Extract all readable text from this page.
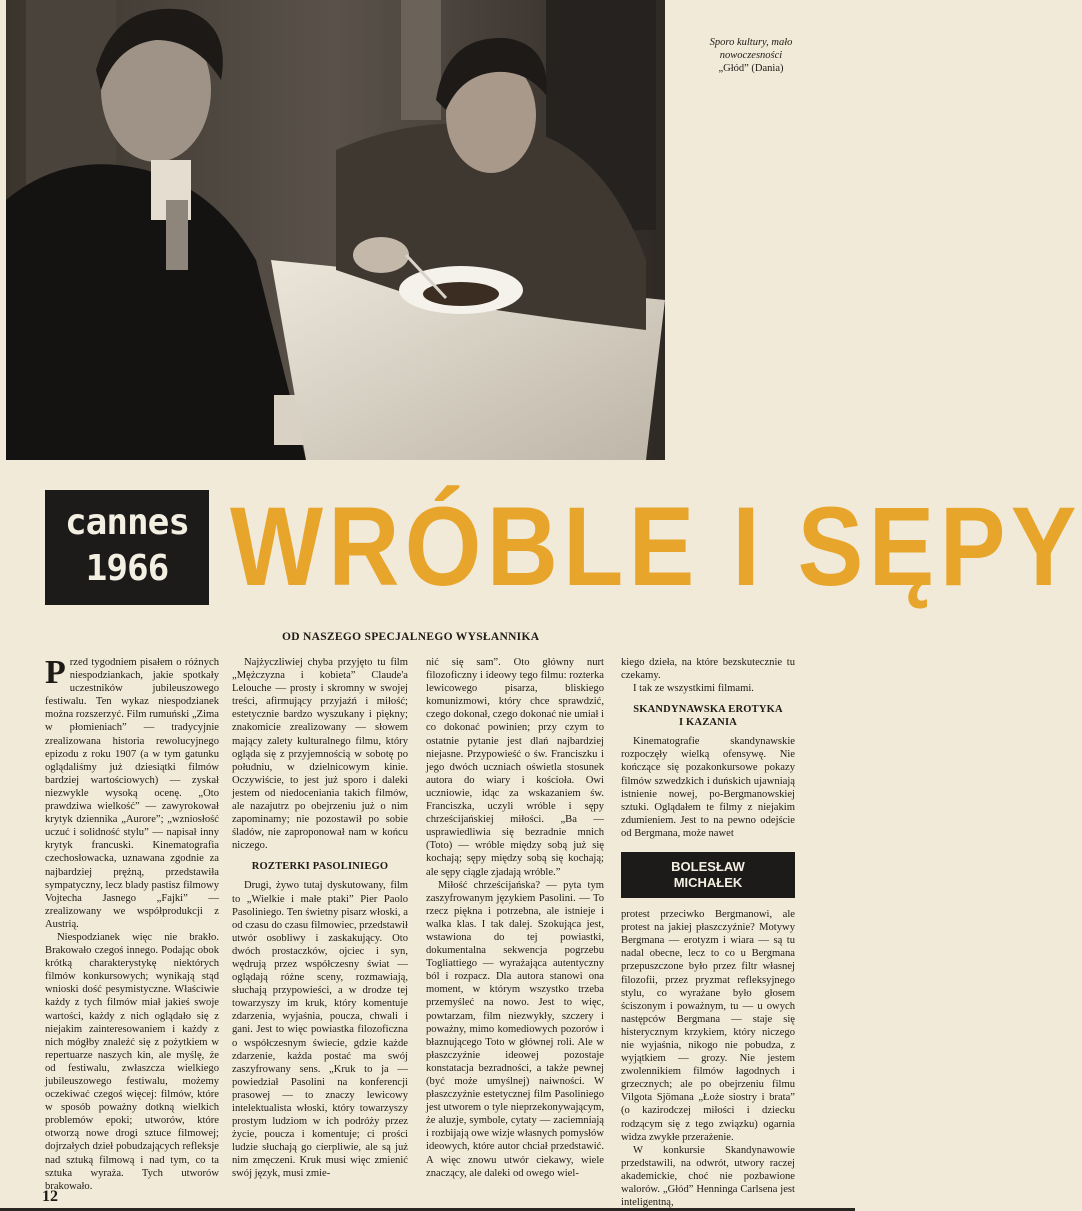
Sporo kultury, mało
nowoczesności
„Głód” (Dania)
cannes
1966 WRÓBLE I SĘPY
OD NASZEGO SPECJALNEGO WYSŁANNIKA

Przed tygodniem pisałem o różnych niespodziankach, jakie spotkały uczestników jubileuszowego festiwalu. Ten wykaz niespodzianek można rozszerzyć. Film rumuński „Zima w płomieniach” — tradycyjnie zrealizowana historia rewolucyjnego epizodu z roku 1907 (a w tym gatunku oglądaliśmy już dziesiątki filmów bardziej wartościowych) — zyskał niezwykle wysoką ocenę. „Oto prawdziwa wielkość” — zawyrokował krytyk dziennika „Aurore”; „wzniosłość uczuć i solidność stylu” — napisał inny krytyk francuski. Kinematografia czechosłowacka, uznawana zgodnie za najbardziej prężną, przedstawiła sympatyczny, lecz blady pastisz filmowy Vojtecha Jasnego „Fajki” — zrealizowany we współprodukcji z Austrią.

Niespodzianek więc nie brakło. Brakowało czegoś innego. Podając obok krótką charakterystykę niektórych filmów konkursowych; wynikają stąd wnioski dość pesymistyczne. Właściwie każdy z tych filmów miał jakieś swoje wartości, każdy z nich oglądało się z niejakim zainteresowaniem i każdy z nich mógłby znaleźć się z pożytkiem w repertuarze naszych kin, ale myślę, że od festiwalu, zwłaszcza wielkiego jubileuszowego festiwalu, możemy oczekiwać czegoś więcej: filmów, które w sposób poważny dotkną wielkich problemów epoki; utworów, które otworzą nowe drogi sztuce filmowej; dojrzałych dzieł pobudzających refleksje nad sztuką filmową i nad tym, co ta sztuka wyraża. Tych utworów brakowało.

Najżyczliwiej chyba przyjęto tu film „Mężczyzna i kobieta” Claude'a Lelouche — prosty i skromny w swojej treści, afirmujący przyjaźń i miłość; estetycznie bardzo wyszukany i piękny; znakomicie zrealizowany — słowem mający zalety kulturalnego filmu, który ogląda się z przyjemnością w sobotę po południu, w dzielnicowym kinie. Oczywiście, to jest już sporo i daleki jestem od niedoceniania takich filmów, ale nazajutrz po obejrzeniu już o nim zapominamy; nie pozostawił po sobie śladów, nie zaproponował nam w końcu niczego.

ROZTERKI PASOLINIEGO

Drugi, żywo tutaj dyskutowany, film to „Wielkie i małe ptaki” Pier Paolo Pasoliniego. Ten świetny pisarz włoski, a od czasu do czasu filmowiec, przedstawił utwór osobliwy i zaskakujący. Oto dwóch prostaczków, ojciec i syn, wędrują przez współczesny świat — oglądają różne sceny, rozmawiają, słuchają przypowieści, a w drodze tej towarzyszy im kruk, który komentuje zdarzenia, wyjaśnia, poucza, chwali i gani. Jest to więc powiastka filozoficzna o współczesnym świecie, gdzie każde zdarzenie, każda postać ma swój zaszyfrowany sens. „Kruk to ja — powiedział Pasolini na konferencji prasowej — to znaczy lewicowy intelektualista włoski, który towarzyszy prostym ludziom w ich podróży przez życie, poucza i komentuje; ci prości ludzie słuchają go cierpliwie, ale są już nim zmęczeni. Kruk musi więc zmienić swój język, musi zmie-

nić się sam”. Oto główny nurt filozoficzny i ideowy tego filmu: rozterka lewicowego pisarza, bliskiego komunizmowi, który chce sprawdzić, czego dokonał, czego dokonać nie umiał i co dokonać powinien; przy czym to ostatnie pytanie jest dlań najbardziej niejasne. Przypowieść o św. Franciszku i jego dwóch uczniach oświetla stosunek autora do wiary i kościoła. Owi uczniowie, idąc za wskazaniem św. Franciszka, uczyli wróble i sępy chrześcijańskiej miłości. „Ba — usprawiedliwia się bezradnie mnich (Toto) — wróble między sobą już się kochają; sępy między sobą się kochają; ale sępy ciągle zjadają wróble.”

Miłość chrześcijańska? — pyta tym zaszyfrowanym językiem Pasolini. — To rzecz piękna i potrzebna, ale istnieje i walka klas. I tak dalej. Szokująca jest, wstawiona do tej powiastki, dokumentalna sekwencja pogrzebu Togliattiego — wyrażająca autentyczny ból i rozpacz. Dla autora stanowi ona moment, w którym wszystko trzeba przemyśleć na nowo. Jest to więc, powtarzam, film niezwykły, szczery i poważny, mimo komediowych pozorów i błaznującego Toto w głównej roli. Ale w płaszczyźnie ideowej pozostaje konstatacja bezradności, a także pewnej (być może umyślnej) naiwności. W płaszczyźnie estetycznej film Pasoliniego jest utworem o tyle nieprzekonywającym, że aluzje, symbole, cytaty — zaciemniają i rozbijają owe wizje własnych pomysłów ideowych, które autor chciał przedstawić. A więc znowu utwór ciekawy, wiele znaczący, ale daleki od owego wiel-

kiego dzieła, na które bezskutecznie tu czekamy.

I tak ze wszystkimi filmami.

SKANDYNAWSKA EROTYKA
I KAZANIA

Kinematografie skandynawskie rozpoczęły wielką ofensywę. Nie kończące się pozakonkursowe pokazy filmów szwedzkich i duńskich ujawniają istnienie nowej, po-Bergmanowskiej sztuki. Oglądałem te filmy z niejakim zdumieniem. Jest to na pewno odejście od Bergmana, może nawet

BOLESŁAW
MICHAŁEK

protest przeciwko Bergmanowi, ale protest na jakiej płaszczyźnie? Motywy Bergmana — erotyzm i wiara — są tu nadal obecne, lecz to co u Bergmana przepuszczone było przez filtr własnej filozofii, przez pryzmat refleksyjnego stylu, co wyrażane było głosem ściszonym i poważnym, tu — u owych następców Bergmana — staje się histerycznym krzykiem, który niczego nie wyjaśnia, nikogo nie pobudza, z wyjątkiem — grozy. Nie jestem zwolennikiem filmów łagodnych i grzecznych; ale po obejrzeniu filmu Vilgota Sjömana „Łoże siostry i brata” (o kazirodczej miłości i dziecku rodzącym się z tego związku) ogarnia widza zwykłe przerażenie.

W konkursie Skandynawowie przedstawili, na odwrót, utwory raczej akademickie, choć nie pozbawione walorów. „Głód” Henninga Carlsena jest inteligentną,

12
